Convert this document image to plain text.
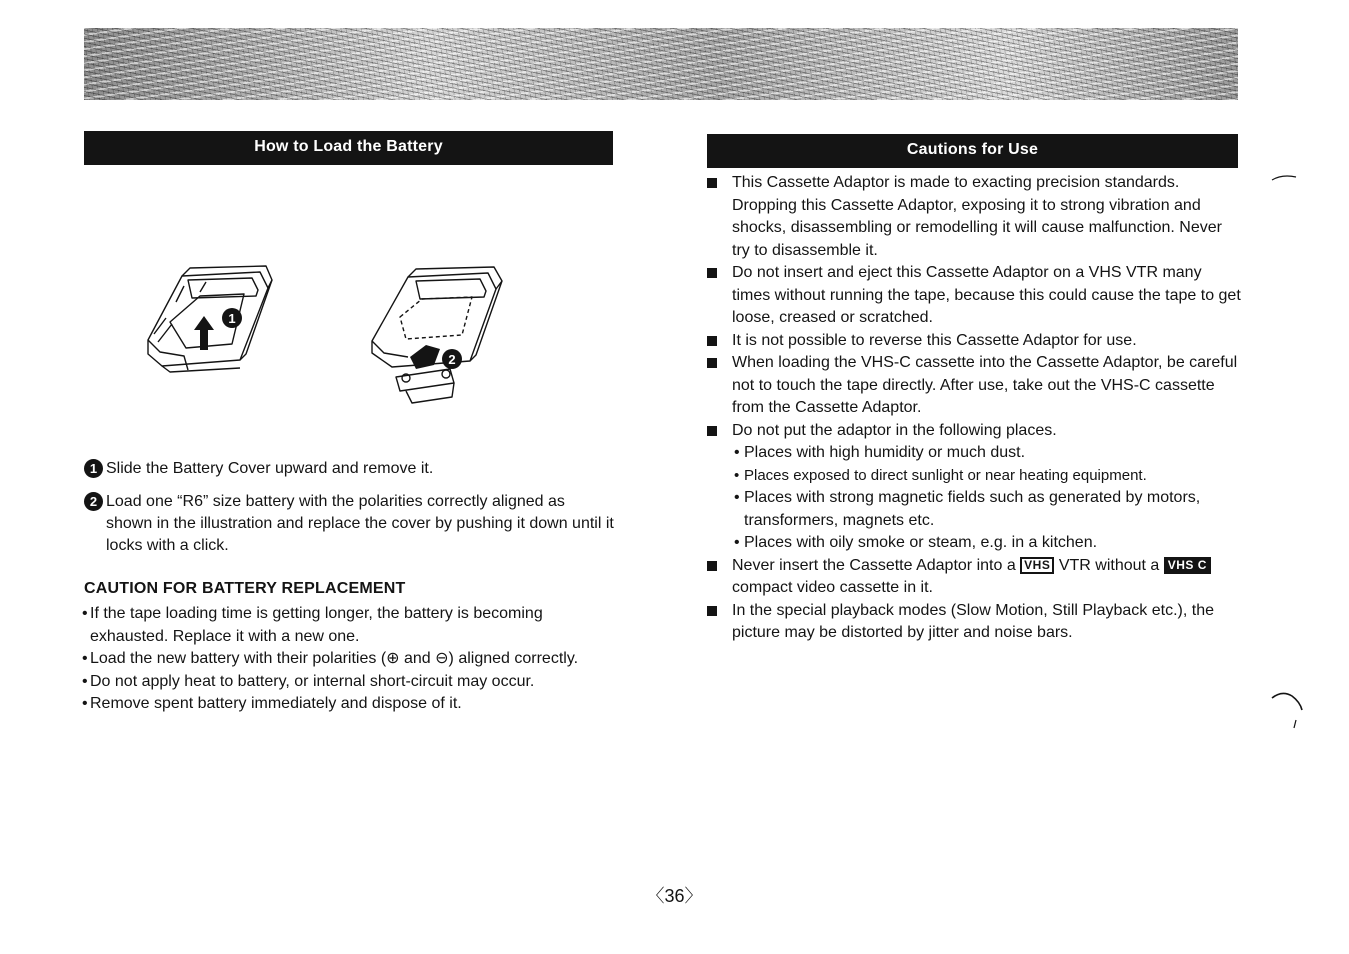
How to Load the Battery
1
2
1 Slide the Battery Cover upward and remove it.
2 Load one “R6” size battery with the polarities correctly aligned as shown in the illustration and replace the cover by pushing it down until it locks with a click.
CAUTION FOR BATTERY REPLACEMENT
• If the tape loading time is getting longer, the battery is becoming exhausted. Replace it with a new one.
• Load the new battery with their polarities (⊕ and ⊖) aligned correctly.
• Do not apply heat to battery, or internal short-circuit may occur.
• Remove spent battery immediately and dispose of it.
Cautions for Use
This Cassette Adaptor is made to exacting precision standards. Dropping this Cassette Adaptor, exposing it to strong vibration and shocks, disassembling or remodelling it will cause malfunction. Never try to disassemble it.
Do not insert and eject this Cassette Adaptor on a VHS VTR many times without running the tape, because this could cause the tape to get loose, creased or scratched.
It is not possible to reverse this Cassette Adaptor for use.
When loading the VHS-C cassette into the Cassette Adaptor, be careful not to touch the tape directly. After use, take out the VHS-C cassette from the Cassette Adaptor.
Do not put the adaptor in the following places.
• Places with high humidity or much dust.
• Places exposed to direct sunlight or near heating equipment.
• Places with strong magnetic fields such as generated by motors, transformers, magnets etc.
• Places with oily smoke or steam, e.g. in a kitchen.
Never insert the Cassette Adaptor into a VHS VTR without a VHS C compact video cassette in it.
In the special playback modes (Slow Motion, Still Playback etc.), the picture may be distorted by jitter and noise bars.
〈36〉
